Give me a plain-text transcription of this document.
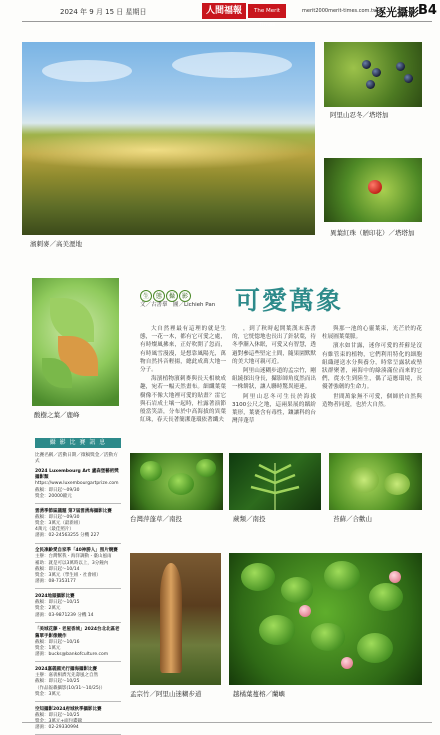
2024 年 9 月 15 日 星期日	人間福報	The Merit Times
merit2000merit-times.com.tw
逐光攝影 B4
濱刺麥／高美溼地
阿里山忍冬／塔塔加
異葉紅珠（贈印花）／塔塔加
酸樹之葉／鹿峰
生 態 攝 影
文／古書羣　圖／Lichieh Pan 可愛萬象

大自然裡最有這理的就是生態，一花一木，都有它可愛之處，有時燦風拂來，正好吹開了忽而，有時風雪漫漫，是想靠風陽光，萬物自然抖音輕揚，總此成萬大地一分子。

海濱植物濱刺麥與長天相映成趣，宛若一幅天然畫布。細纖葉葉樹像不像大地裡可愛的貼畫？雷它與石岩成土壤一起時，杜露著演節般當笑語，分布於中高海拔的異葉紅珠，春天長著簡潔蓬環依著纖夫

，到了秋時起開葉漢末落書的，它恍惚地也長出了針狀葉，待冬季漸入休眠，可愛又有智慧，透過對參這些堅定土間，隨果園默默的美大地可親可近。

阿里山迷糊步道的孟宗竹，剛組繞探出身長，攝影師角度然而出一株餅狀，讓人聯時驚異連連。

阿里山忍冬可生長於海拔3100公尺之地，這兩果展的繽紛葉形，葉裹含有毒性，鑲讓科的台灣萍蓬草

與那一池的心靈葉束，光芒於的花柱展圓葉葉脈。

濱水如甘露，迷你可愛的苔蘚是沒有維管束的植物，它們利用特化的細胞組織運送水分與養分，時常呈露狀或墊狀群聚著，兩海中的綠湊滿位而來的它們，從水生到陸生，偶了這應環境，長優著強韌的生命力。

世間萬象無不可愛，個師於自然與造物者同遊，也於大自然。

攝 影 比 賽 訊 息
比賽名稱／活動日期／徵稿獎金／活動方式
2024 Luxembourg Art 盧森堡藝術獎 攝影類
https://www.luxembourgartprize.com
截稿：即日起～09/30
獎金：20000歐元
雲湧季節區議題 第7屆雲湧海攝影比賽
截稿：即日起～09/30
獎金：3萬元（最新組）
4萬元（最佳照片）
諮詢：02-24563255 分機 227
全民凍齡愛自家季「40神勝人」照片競賽
主辦：台灣幫我・海洋調動・臺山風雨
補助：就是可以3萬時以上，3分鐘內
截稿：即日起～10/14
獎金：3萬元（學生組・社會組）
諮詢：08-7353177
2024地頭攝影比賽
截稿：即日起～10/15
獎金：2萬元
諮詢：03-9871239 分機 14
「美城花藤・老屋香城」2024台北北區老舊單手影像競作
截稿：即日起～10/16
獎金：1萬元
諮詢：bucks@bankofculture.com
2024嘉義國光行攝海攝影比賽
主辦：嘉義相濟光先壽風之自然
截稿：即日起～10/25
（作品報載攝影(10/31～10/25)）
獎金：3萬元
空知攝影2024府城秋季攝影比賽
截稿：即日起～10/25
諮詢：02-29330994
台灣萍蓬草／南投	蕨類／南投	苔蘚／合歡山
孟宗竹／阿里山迷糊步道	越橘葉蔓榕／蘭嶼
